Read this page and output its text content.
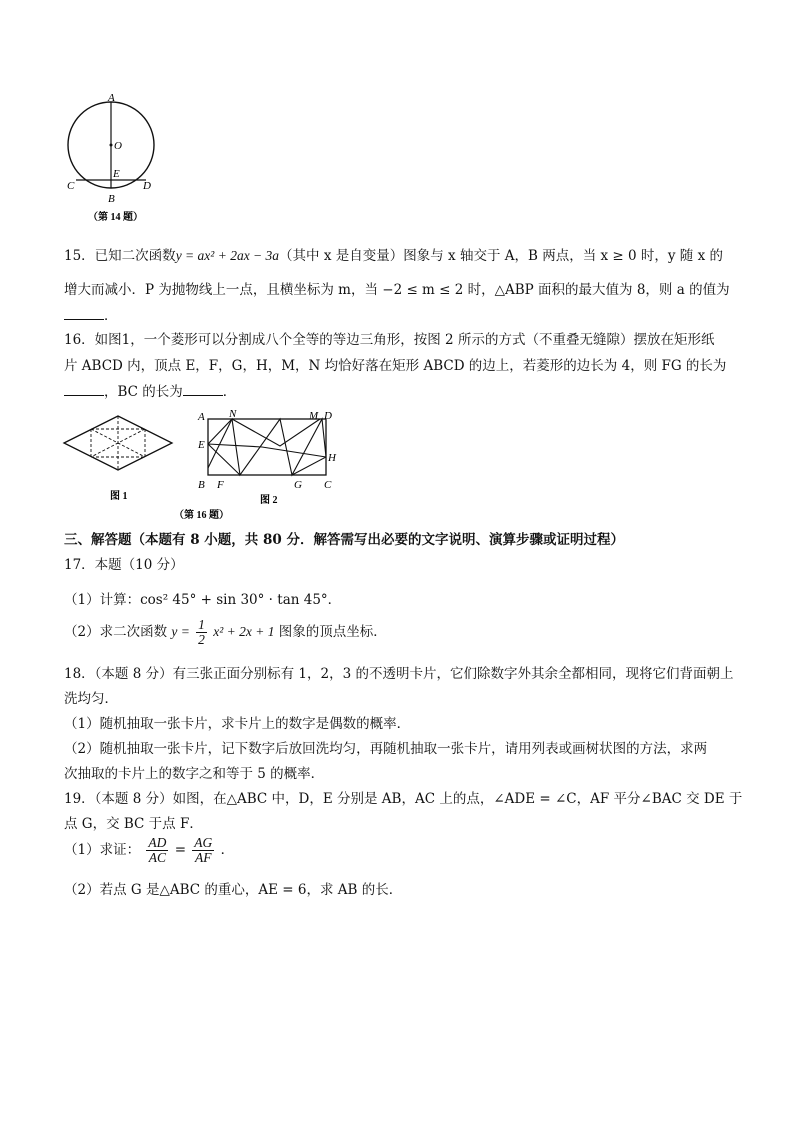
A
O
E
C	D
B
（第 14 题）
15．已知二次函数y = ax² + 2ax − 3a（其中 x 是自变量）图象与 x 轴交于 A，B 两点，当 x ≥ 0 时，y 随 x 的
增大而减小．P 为抛物线上一点，且横坐标为 m，当 −2 ≤ m ≤ 2 时，△ABP 面积的最大值为 8，则 a 的值为
．
16．如图1，一个菱形可以分割成八个全等的等边三角形，按图 2 所示的方式（不重叠无缝隙）摆放在矩形纸
片 ABCD 内，顶点 E，F，G，H，M，N 均恰好落在矩形 ABCD 的边上，若菱形的边长为 4，则 FG 的长为
，BC 的长为	．
图 1
A N	M D
E
H
B F	G C
图 2
（第 16 题）
三、解答题（本题有 8 小题，共 80 分．解答需写出必要的文字说明、演算步骤或证明过程）
17．本题（10 分）
（1）计算：cos² 45° + sin 30° · tan 45°．
（2）求二次函数 $y = \frac{1}{2} x^2 + 2x + 1$ 图象的顶点坐标．
18．（本题 8 分）有三张正面分别标有 1，2，3 的不透明卡片，它们除数字外其余全都相同，现将它们背面朝上
洗均匀．
（1）随机抽取一张卡片，求卡片上的数字是偶数的概率．
（2）随机抽取一张卡片，记下数字后放回洗均匀，再随机抽取一张卡片，请用列表或画树状图的方法，求两
次抽取的卡片上的数字之和等于 5 的概率．
19．（本题 8 分）如图，在△ABC 中，D，E 分别是 AB，AC 上的点，∠ADE = ∠C，AF 平分∠BAC 交 DE 于
点 G，交 BC 于点 F．
（1）求证： $\frac{AD}{AC} = \frac{AG}{AF}$ ．
（2）若点 G 是△ABC 的重心，AE = 6，求 AB 的长．
